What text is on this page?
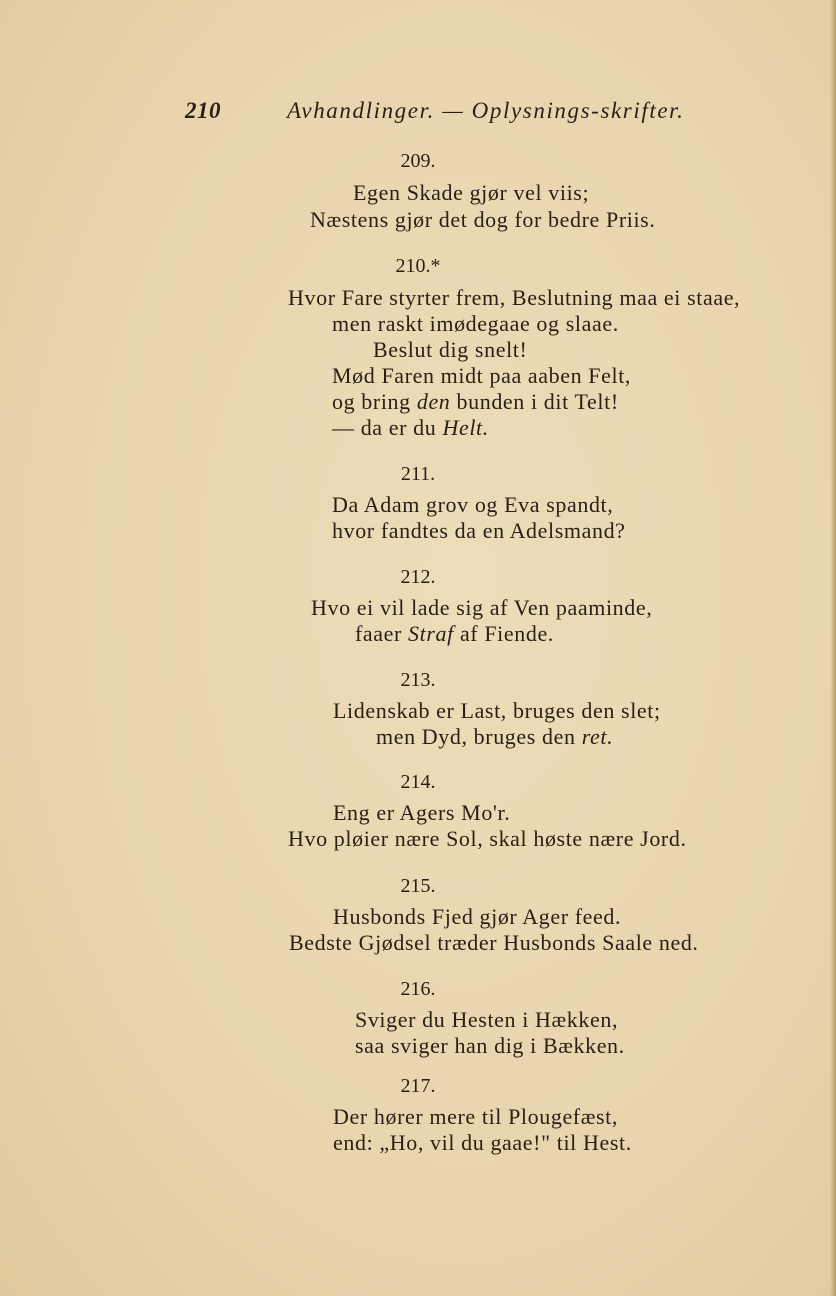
210	Avhandlinger. — Oplysnings-skrifter.
209.
Egen Skade gjør vel viis;
Næstens gjør det dog for bedre Priis.
210.*
Hvor Fare styrter frem, Beslutning maa ei staae,
men raskt imødegaae og slaae.
Beslut dig snelt!
Mød Faren midt paa aaben Felt,
og bring den bunden i dit Telt!
— da er du Helt.
211.
Da Adam grov og Eva spandt,
hvor fandtes da en Adelsmand?
212.
Hvo ei vil lade sig af Ven paaminde,
faaer Straf af Fiende.
213.
Lidenskab er Last, bruges den slet;
men Dyd, bruges den ret.
214.
Eng er Agers Mo'r.
Hvo pløier nære Sol, skal høste nære Jord.
215.
Husbonds Fjed gjør Ager feed.
Bedste Gjødsel træder Husbonds Saale ned.
216.
Sviger du Hesten i Hækken,
saa sviger han dig i Bækken.
217.
Der hører mere til Plougefæst,
end: „Ho, vil du gaae!" til Hest.
